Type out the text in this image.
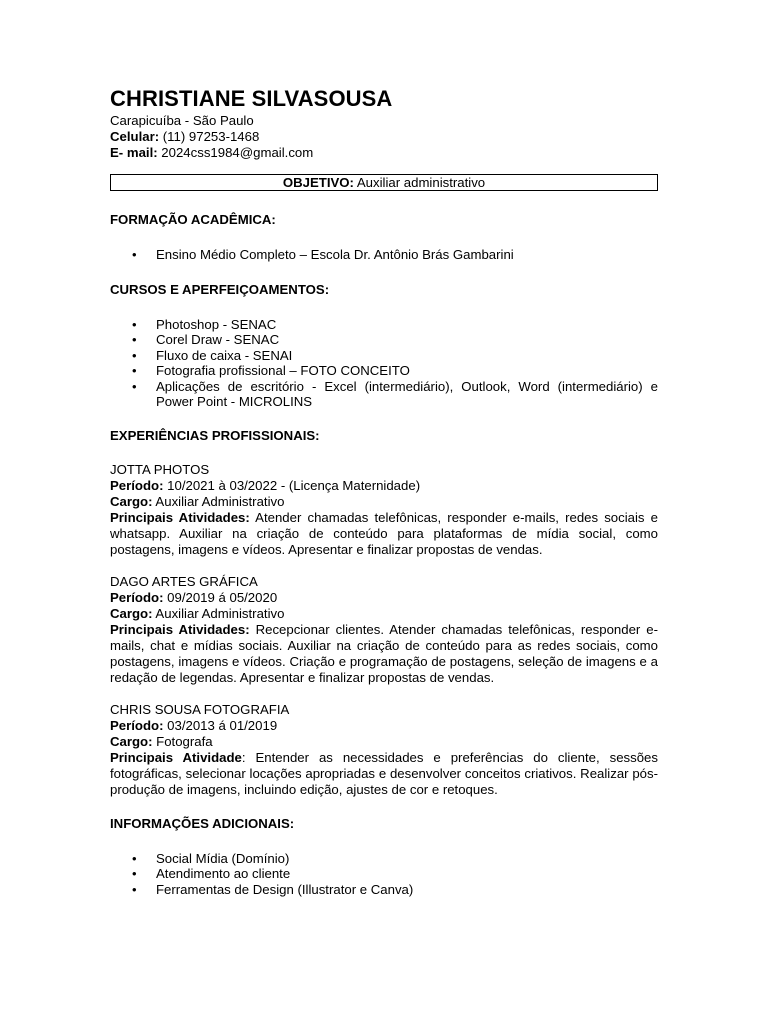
CHRISTIANE SILVASOUSA

Carapicuíba - São Paulo

Celular: (11) 97253-1468

E- mail: 2024css1984@gmail.com

OBJETIVO: Auxiliar administrativo
FORMAÇÃO ACADÊMICA:
• Ensino Médio Completo – Escola Dr. Antônio Brás Gambarini
CURSOS E APERFEIÇOAMENTOS:
• Photoshop - SENAC
• Corel Draw - SENAC
• Fluxo de caixa - SENAI
• Fotografia profissional – FOTO CONCEITO
• Aplicações de escritório - Excel (intermediário), Outlook, Word (intermediário) e Power Point - MICROLINS
EXPERIÊNCIAS PROFISSIONAIS:

JOTTA PHOTOS

Período: 10/2021 à 03/2022 - (Licença Maternidade)

Cargo: Auxiliar Administrativo

Principais Atividades: Atender chamadas telefônicas, responder e-mails, redes sociais e whatsapp. Auxiliar na criação de conteúdo para plataformas de mídia social, como postagens, imagens e vídeos. Apresentar e finalizar propostas de vendas.

DAGO ARTES GRÁFICA

Período: 09/2019 á 05/2020

Cargo: Auxiliar Administrativo

Principais Atividades: Recepcionar clientes. Atender chamadas telefônicas, responder e-mails, chat e mídias sociais. Auxiliar na criação de conteúdo para as redes sociais, como postagens, imagens e vídeos. Criação e programação de postagens, seleção de imagens e a redação de legendas. Apresentar e finalizar propostas de vendas.

CHRIS SOUSA FOTOGRAFIA

Período: 03/2013 á 01/2019

Cargo: Fotografa

Principais Atividade: Entender as necessidades e preferências do cliente, sessões fotográficas, selecionar locações apropriadas e desenvolver conceitos criativos. Realizar pós-produção de imagens, incluindo edição, ajustes de cor e retoques.

INFORMAÇÕES ADICIONAIS:
• Social Mídia (Domínio)
• Atendimento ao cliente
• Ferramentas de Design (Illustrator e Canva)
